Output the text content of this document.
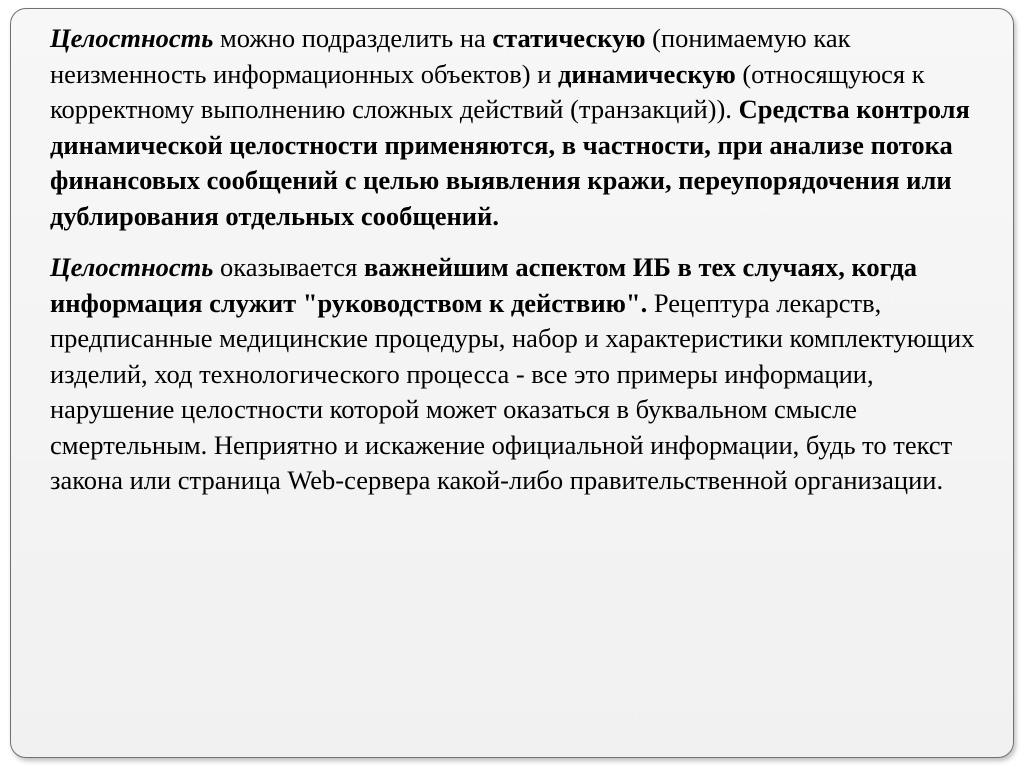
Целостность можно подразделить на статическую (понимаемую как неизменность информационных объектов) и динамическую (относящуюся к корректному выполнению сложных действий (транзакций)). Средства контроля динамической целостности применяются, в частности, при анализе потока финансовых сообщений с целью выявления кражи, переупорядочения или дублирования отдельных сообщений.

Целостность оказывается важнейшим аспектом ИБ в тех случаях, когда информация служит "руководством к действию". Рецептура лекарств, предписанные медицинские процедуры, набор и характеристики комплектующих изделий, ход технологического процесса - все это примеры информации, нарушение целостности которой может оказаться в буквальном смысле смертельным. Неприятно и искажение официальной информации, будь то текст закона или страница Web-сервера какой-либо правительственной организации.
